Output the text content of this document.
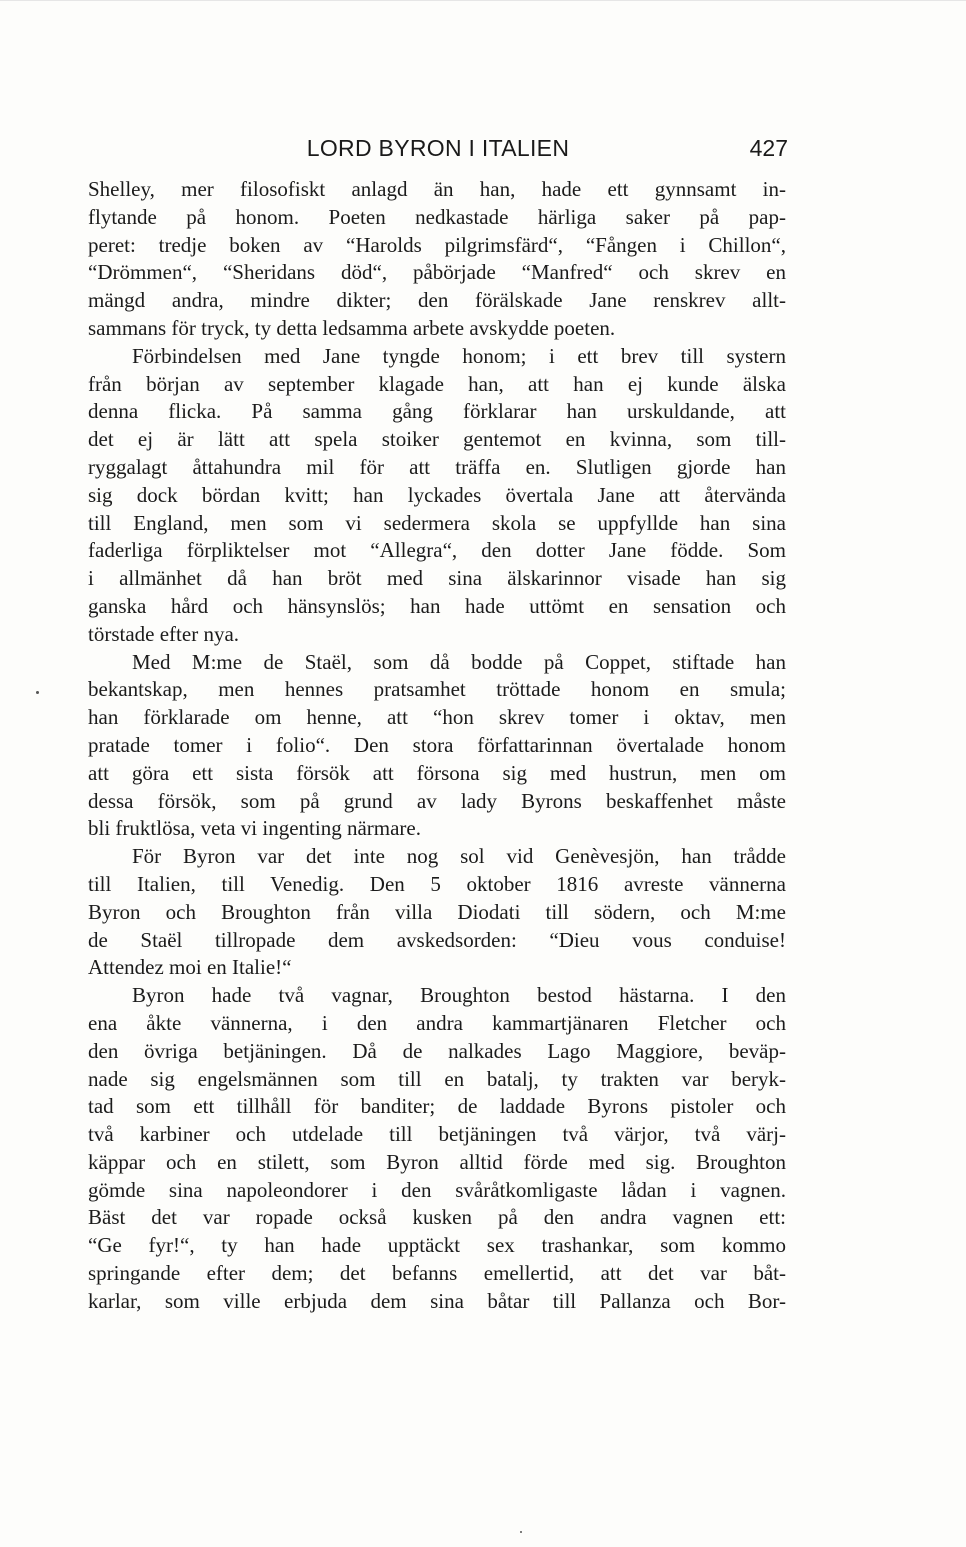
LORD BYRON I ITALIEN	427
Shelley, mer filosofiskt anlagd än han, hade ett gynnsamt in-
flytande på honom. Poeten nedkastade härliga saker på pap-
peret: tredje boken av “Harolds pilgrimsfärd“, “Fången i Chillon“,
“Drömmen“, “Sheridans död“, påbörjade “Manfred“ och skrev en
mängd andra, mindre dikter; den förälskade Jane renskrev allt-
sammans för tryck, ty detta ledsamma arbete avskydde poeten.
Förbindelsen med Jane tyngde honom; i ett brev till systern
från början av september klagade han, att han ej kunde älska
denna flicka. På samma gång förklarar han urskuldande, att
det ej är lätt att spela stoiker gentemot en kvinna, som till-
ryggalagt åttahundra mil för att träffa en. Slutligen gjorde han
sig dock bördan kvitt; han lyckades övertala Jane att återvända
till England, men som vi sedermera skola se uppfyllde han sina
faderliga förpliktelser mot “Allegra“, den dotter Jane födde. Som
i allmänhet då han bröt med sina älskarinnor visade han sig
ganska hård och hänsynslös; han hade uttömt en sensation och
törstade efter nya.
Med M:me de Staël, som då bodde på Coppet, stiftade han
bekantskap, men hennes pratsamhet tröttade honom en smula;
han förklarade om henne, att “hon skrev tomer i oktav, men
pratade tomer i folio“. Den stora författarinnan övertalade honom
att göra ett sista försök att försona sig med hustrun, men om
dessa försök, som på grund av lady Byrons beskaffenhet måste
bli fruktlösa, veta vi ingenting närmare.
För Byron var det inte nog sol vid Genèvesjön, han trådde
till Italien, till Venedig. Den 5 oktober 1816 avreste vännerna
Byron och Broughton från villa Diodati till södern, och M:me
de Staël tillropade dem avskedsorden: “Dieu vous conduise!
Attendez moi en Italie!“
Byron hade två vagnar, Broughton bestod hästarna. I den
ena åkte vännerna, i den andra kammartjänaren Fletcher och
den övriga betjäningen. Då de nalkades Lago Maggiore, beväp-
nade sig engelsmännen som till en batalj, ty trakten var beryk-
tad som ett tillhåll för banditer; de laddade Byrons pistoler och
två karbiner och utdelade till betjäningen två värjor, två värj-
käppar och en stilett, som Byron alltid förde med sig. Broughton
gömde sina napoleondorer i den svåråtkomligaste lådan i vagnen.
Bäst det var ropade också kusken på den andra vagnen ett:
“Ge fyr!“, ty han hade upptäckt sex trashankar, som kommo
springande efter dem; det befanns emellertid, att det var båt-
karlar, som ville erbjuda dem sina båtar till Pallanza och Bor-
